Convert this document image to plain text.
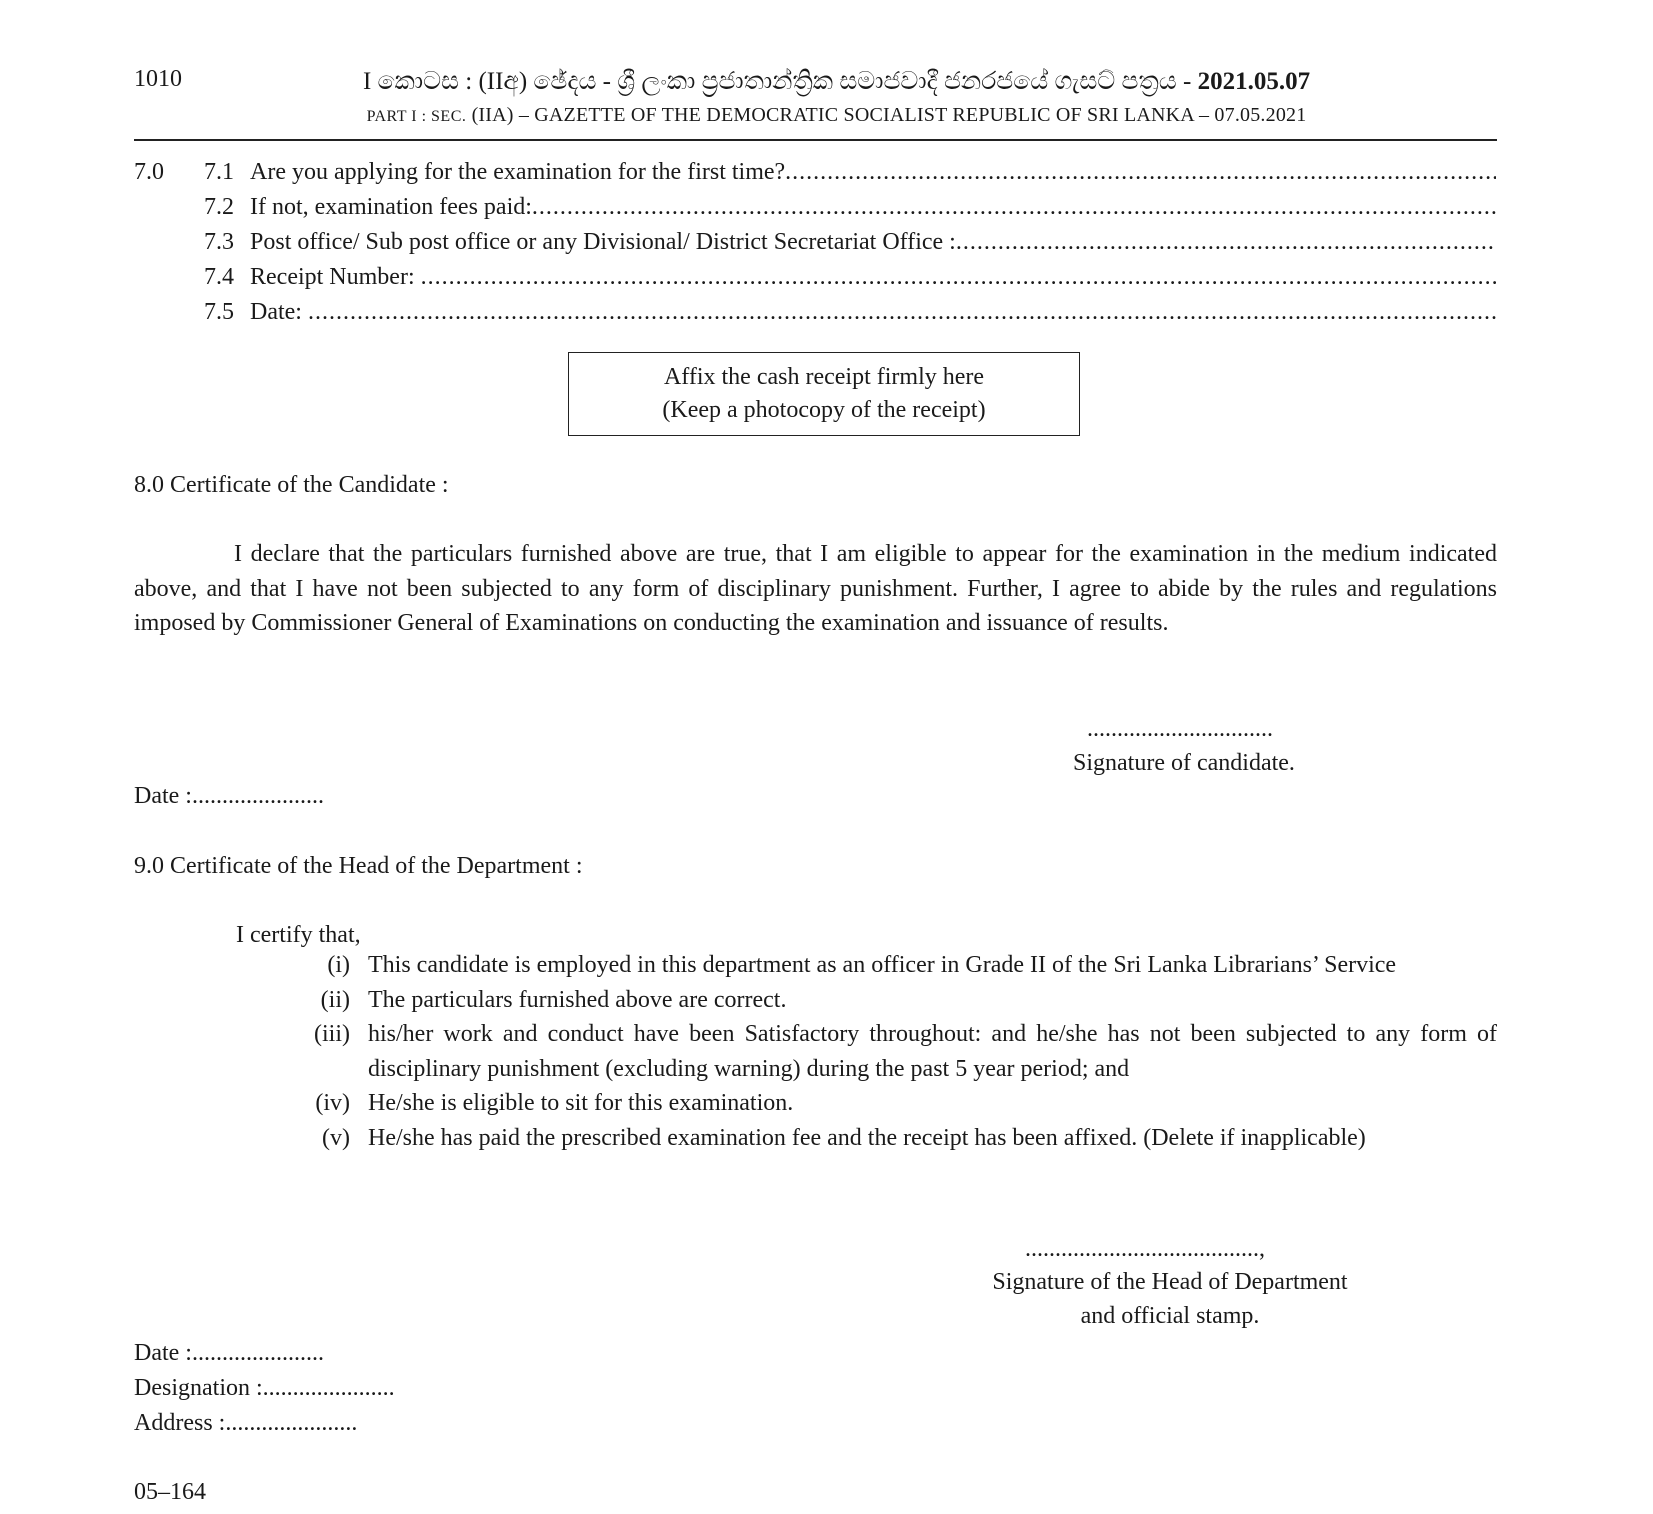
1010	I කොටස : (IIඅ) ඡේදය - ශ්‍රී ලංකා ප්‍රජාතාන්ත්‍රික සමාජවාදී ජනරජයේ ගැසට් පත්‍රය - 2021.05.07
PART I : SEC. (IIA) – GAZETTE OF THE DEMOCRATIC SOCIALIST REPUBLIC OF SRI LANKA – 07.05.2021
7.0 7.1 Are you applying for the examination for the first time?
.....
7.2 If not, examination fees paid:
.....
7.3 Post office/ Sub post office or any Divisional/ District Secretariat Office :
.....
7.4 Receipt Number:
.....
7.5 Date:
.....
Affix the cash receipt firmly here
(Keep a photocopy of the receipt)
8.0 Certificate of the Candidate :
I declare that the particulars furnished above are true, that I am eligible to appear for the examination in the medium indicated above, and that I have not been subjected to any form of disciplinary punishment. Further, I agree to abide by the rules and regulations imposed by Commissioner General of Examinations on conducting the examination and issuance of results.
...............................
Signature of candidate.
Date :......................
9.0 Certificate of the Head of the Department :
I certify that,
(i) This candidate is employed in this department as an officer in Grade II of the Sri Lanka Librarians’ Service
(ii) The particulars furnished above are correct.
(iii) his/her work and conduct have been Satisfactory throughout: and he/she has not been subjected to any form of disciplinary punishment (excluding warning) during the past 5 year period; and
(iv) He/she is eligible to sit for this examination.
(v) He/she has paid the prescribed examination fee and the receipt has been affixed. (Delete if inapplicable)
.......................................,
Signature of the Head of Department
and official stamp.
Date :......................
Designation :......................
Address :......................
05–164
